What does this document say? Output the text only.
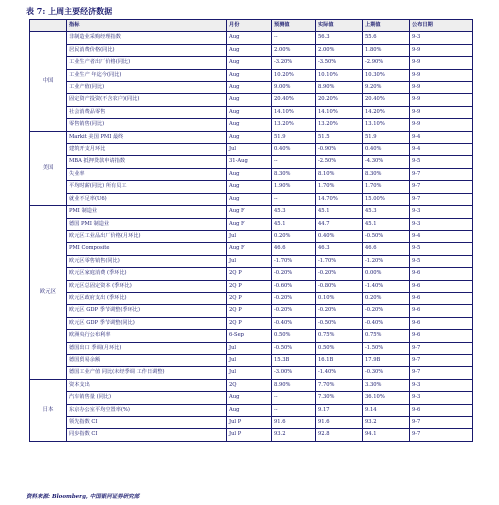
表 7: 上周主要经济数据
	指标	月份	预测值	实际值	上期值	公布日期
中国	非制造业采购经理指数	Aug	--	56.3	55.6	9-3
	居民消费价格(同比)	Aug	2.00%	2.00%	1.80%	9-9
	工业生产者出厂价格(同比)	Aug	-3.20%	-3.50%	-2.90%	9-9
	工业生产 年迄今(同比)	Aug	10.20%	10.10%	10.30%	9-9
	工业产值(同比)	Aug	9.00%	8.90%	9.20%	9-9
	固定资产投资(不含农户)(同比)	Aug	20.40%	20.20%	20.40%	9-9
	社会消费品零售	Aug	14.10%	14.10%	14.20%	9-9
	零售销售(同比)	Aug	13.20%	13.20%	13.10%	9-9
美国	Markit 美国 PMI 最终	Aug	51.9	51.5	51.9	9-4
	建筑开支月环比	Jul	0.40%	-0.90%	0.40%	9-4
	MBA 抵押贷款申请指数	31-Aug	--	-2.50%	-4.30%	9-5
	失业率	Aug	8.30%	8.10%	8.30%	9-7
	平均时薪(同比) 所有员工	Aug	1.90%	1.70%	1.70%	9-7
	就业不足率(U6)	Aug	--	14.70%	15.00%	9-7
欧元区	PMI 制造业	Aug F	45.3	45.1	45.3	9-3
	德国 PMI 制造业	Aug F	45.1	44.7	45.1	9-3
	欧元区工业品出厂价格(月环比)	Jul	0.20%	0.40%	-0.50%	9-4
	PMI Composite	Aug F	46.6	46.3	46.6	9-5
	欧元区零售销售(同比)	Jul	-1.70%	-1.70%	-1.20%	9-5
	欧元区家庭消费 (季环比)	2Q P	-0.20%	-0.20%	0.00%	9-6
	欧元区总固定资本 (季环比)	2Q P	-0.60%	-0.80%	-1.40%	9-6
	欧元区政府支出 (季环比)	2Q P	-0.20%	0.10%	0.20%	9-6
	欧元区 GDP 季节调整(季环比)	2Q P	-0.20%	-0.20%	-0.20%	9-6
	欧元区 GDP 季节调整(同比)	2Q P	-0.40%	-0.50%	-0.40%	9-6
	欧洲央行公布利率	6-Sep	0.50%	0.75%	0.75%	9-6
	德国出口 季调(月环比)	Jul	-0.50%	0.50%	-1.50%	9-7
	德国贸易余额	Jul	15.3B	16.1B	17.9B	9-7
	德国工业产值 同比(未经季调 工作日调整)	Jul	-3.00%	-1.40%	-0.30%	9-7
日本	资本支出	2Q	8.90%	7.70%	3.30%	9-3
	汽车销售量 (同比)	Aug	--	7.30%	36.10%	9-3
	东京办公室平均空置率(%)	Aug	--	9.17	9.14	9-6
	领先指数 CI	Jul P	91.6	91.6	93.2	9-7
	同步指数 CI	Jul P	93.2	92.8	94.1	9-7
资料来源: Bloomberg, 中国银河证券研究部
